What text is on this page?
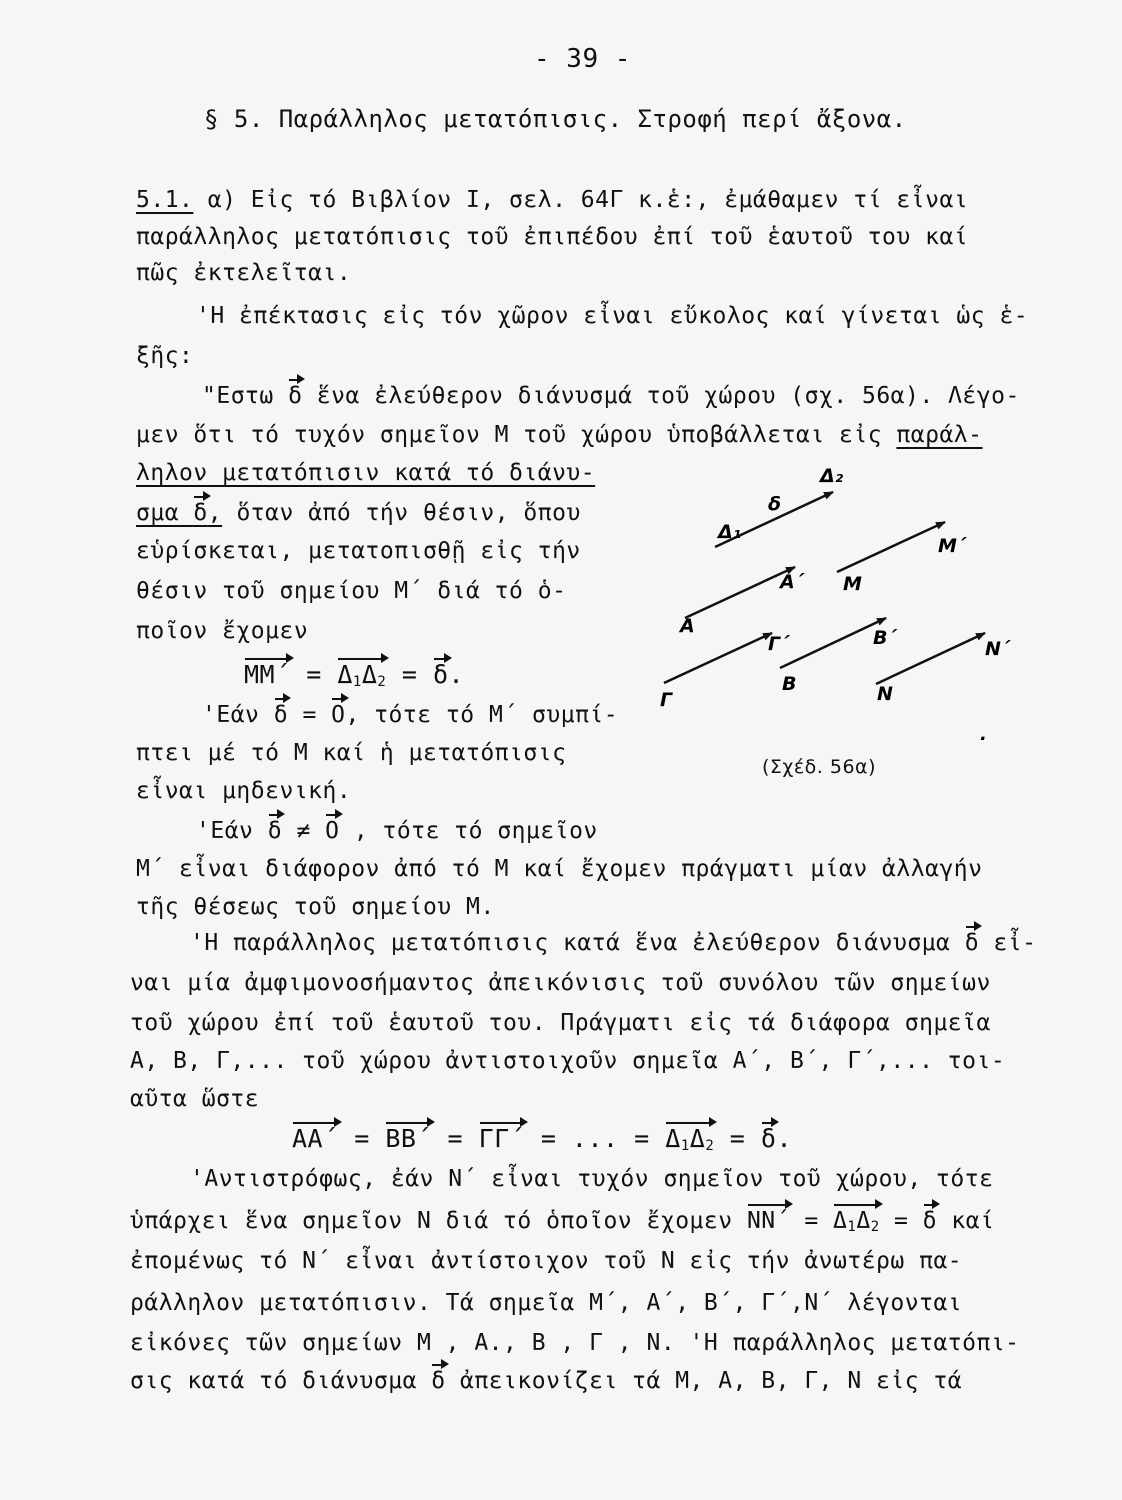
- 39 -
§ 5. Παράλληλος μετατόπισις. Στροφή περί ἄξονα.
5.1. α) Εἰς τό Βιβλίον Ι, σελ. 64Γ κ.ἑ:, ἐμάθαμεν τί εἶναι
παράλληλος μετατόπισις τοῦ ἐπιπέδου ἐπί τοῦ ἑαυτοῦ του καί
πῶς ἐκτελεῖται.
'Η ἐπέκτασις εἰς τόν χῶρον εἶναι εὔκολος καί γίνεται ὡς ἑ-
ξῆς:
"Εστω δ ἕνα ἐλεύθερον διάνυσμά τοῦ χώρου (σχ. 56α). Λέγο-
μεν ὅτι τό τυχόν σημεῖον Μ τοῦ χώρου ὑποβάλλεται εἰς παράλ-
ληλον μετατόπισιν κατά τό διάνυ-
σμα δ, ὅταν ἀπό τήν θέσιν, ὅπου
εὑρίσκεται, μετατοπισθῇ εἰς τήν
θέσιν τοῦ σημείου Μ΄ διά τό ὁ-
ποῖον ἔχομεν
$MM΄ = \Delta_1\Delta_2 = \delta$.
'Εάν δ = Ο, τότε τό Μ΄ συμπί-
πτει μέ τό Μ καί ἡ μετατόπισις
εἶναι μηδενική.
'Εάν δ ≠ Ο , τότε τό σημεῖον
Μ΄ εἶναι διάφορον ἀπό τό Μ καί ἔχομεν πράγματι μίαν ἀλλαγήν
τῆς θέσεως τοῦ σημείου Μ.
'Η παράλληλος μετατόπισις κατά ἕνα ἐλεύθερον διάνυσμα δ εἶ-
ναι μία ἀμφιμονοσήμαντος ἀπεικόνισις τοῦ συνόλου τῶν σημείων
τοῦ χώρου ἐπί τοῦ ἑαυτοῦ του. Πράγματι εἰς τά διάφορα σημεῖα
Α, Β, Γ,... τοῦ χώρου ἀντιστοιχοῦν σημεῖα Α΄, Β΄, Γ΄,... τοι-
αῦτα ὥστε
ΑΑ΄ = ΒΒ΄ = ΓΓ΄ = ... = $\Delta_1\Delta_2 = \delta$.
'Αντιστρόφως, ἐάν Ν΄ εἶναι τυχόν σημεῖον τοῦ χώρου, τότε
ὑπάρχει ἕνα σημεῖον Ν διά τό ὁποῖον ἔχομεν $NN΄ = \Delta_1\Delta_2 = \delta$ καί
ἐπομένως τό Ν΄ εἶναι ἀντίστοιχον τοῦ Ν εἰς τήν ἀνωτέρω πα-
ράλληλον μετατόπισιν. Τά σημεῖα Μ΄, Α΄, Β΄, Γ΄,Ν΄ λέγονται
εἰκόνες τῶν σημείων Μ , Α., Β , Γ , Ν. 'Η παράλληλος μετατόπι-
σις κατά τό διάνυσμα δ ἀπεικονίζει τά Μ, Α, Β, Γ, Ν εἰς τά
Δ₁
Δ₂
δ
Α
Α΄ Μ
Μ΄
Γ
Γ΄
Β
Β΄
Ν
Ν΄
.
(Σχέδ. 56α)
